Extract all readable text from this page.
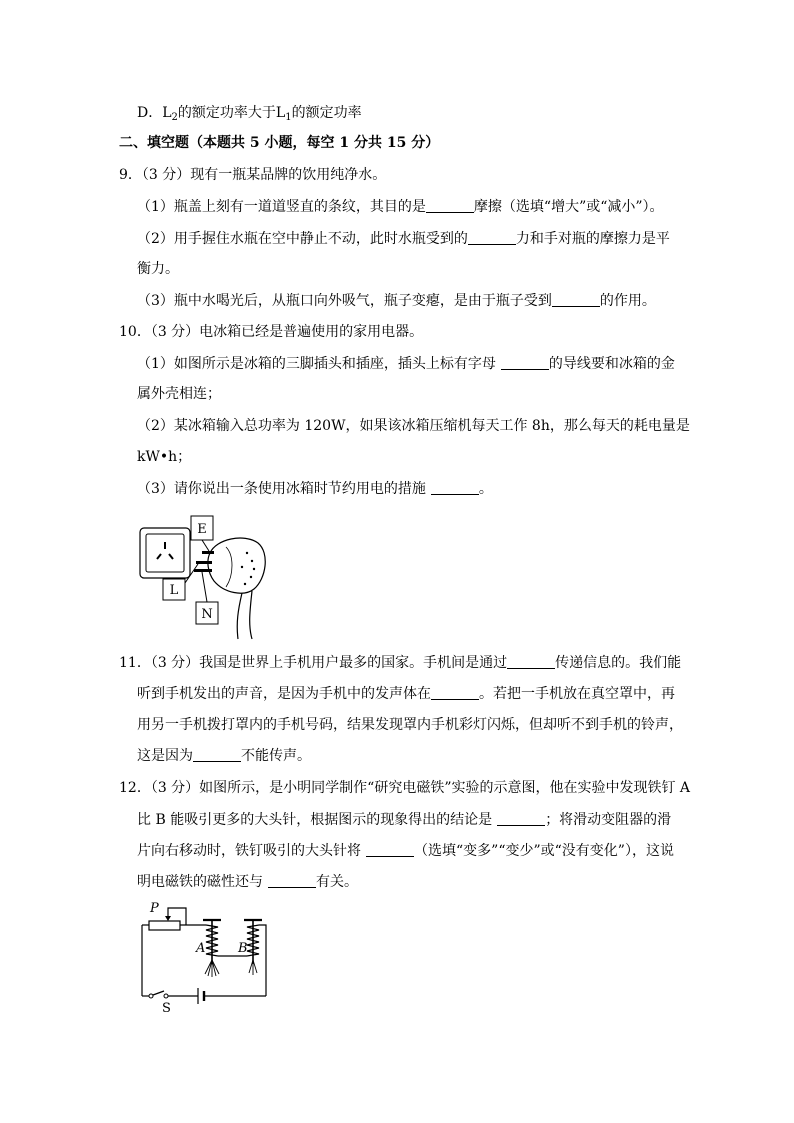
D．$L_2$的额定功率大于$L_1$的额定功率
二、填空题（本题共 5 小题，每空 1 分共 15 分）
9．（3 分）现有一瓶某品牌的饮用纯净水。
（1）瓶盖上刻有一道道竖直的条纹，其目的是	摩擦（选填“增大”或“减小”）。
（2）用手握住水瓶在空中静止不动，此时水瓶受到的	力和手对瓶的摩擦力是平
衡力。
（3）瓶中水喝光后，从瓶口向外吸气，瓶子变瘪，是由于瓶子受到	的作用。
10．（3 分）电冰箱已经是普遍使用的家用电器。
（1）如图所示是冰箱的三脚插头和插座，插头上标有字母	的导线要和冰箱的金
属外壳相连；
（2）某冰箱输入总功率为 120W，如果该冰箱压缩机每天工作 8h，那么每天的耗电量是
kW•h；
（3）请你说出一条使用冰箱时节约用电的措施	。
E
L
N
11．（3 分）我国是世界上手机用户最多的国家。手机间是通过	传递信息的。我们能
听到手机发出的声音，是因为手机中的发声体在	。若把一手机放在真空罩中，再
用另一手机拨打罩内的手机号码，结果发现罩内手机彩灯闪烁，但却听不到手机的铃声，
这是因为	不能传声。
12．（3 分）如图所示，是小明同学制作“研究电磁铁”实验的示意图，他在实验中发现铁钉 A
比 B 能吸引更多的大头针，根据图示的现象得出的结论是	；将滑动变阻器的滑
片向右移动时，铁钉吸引的大头针将	（选填“变多”“变少”或“没有变化”），这说
明电磁铁的磁性还与	有关。
P
A	B
S
